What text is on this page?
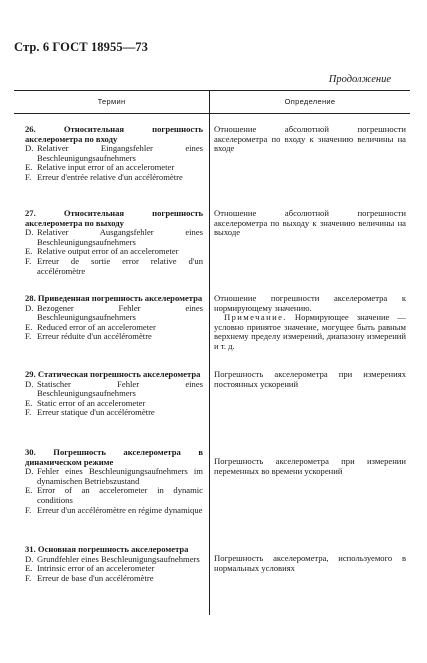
Стр. 6 ГОСТ 18955—73
Продолжение
Термин	Определение
26. Относительная погрешность акселерометра по входу
D. Relativer Eingangsfehler eines Beschleunigungsaufnehmers
E. Relative input error of an accelerometer
F. Erreur d'entrée relative d'un accéléromètre
Отношение абсолютной погрешности акселерометра по входу к значению величины на входе
27. Относительная погрешность акселерометра по выходу
D. Relativer Ausgangsfehler eines Beschleunigungsaufnehmers
E. Relative output error of an accelerometer
F. Erreur de sortie error relative d'un accéléromètre
Отношение абсолютной погрешности акселерометра по выходу к значению величины на выходе
28. Приведенная погрешность акселерометра
D. Bezogener Fehler eines Beschleunigungsaufnehmers
E. Reduced error of an accelerometer
F. Erreur réduite d'un accéléromètre
Отношение погрешности акселерометра к нормирующему значению.
Примечание. Нормирующее значение — условно принятое значение, могущее быть равным верхнему пределу измерений, диапазону измерений и т. д.
29. Статическая погрешность акселерометра
D. Statischer Fehler eines Beschleunigungsaufnehmers
E. Static error of an accelerometer
F. Erreur statique d'un accéléromètre
Погрешность акселерометра при измерениях постоянных ускорений
30. Погрешность акселерометра в динамическом режиме
D. Fehler eines Beschleunigungsaufnehmers im dynamischen Betriebszustand
E. Error of an accelerometer in dynamic conditions
F. Erreur d'un accéléromètre en régime dynamique
Погрешность акселерометра при измерении переменных во времени ускорений
31. Основная погрешность акселерометра
D. Grundfehler eines Beschleunigungsaufnehmers
E. Intrinsic error of an accelerometer
F. Erreur de base d'un accéléromètre
Погрешность акселерометра, используемого в нормальных условиях
